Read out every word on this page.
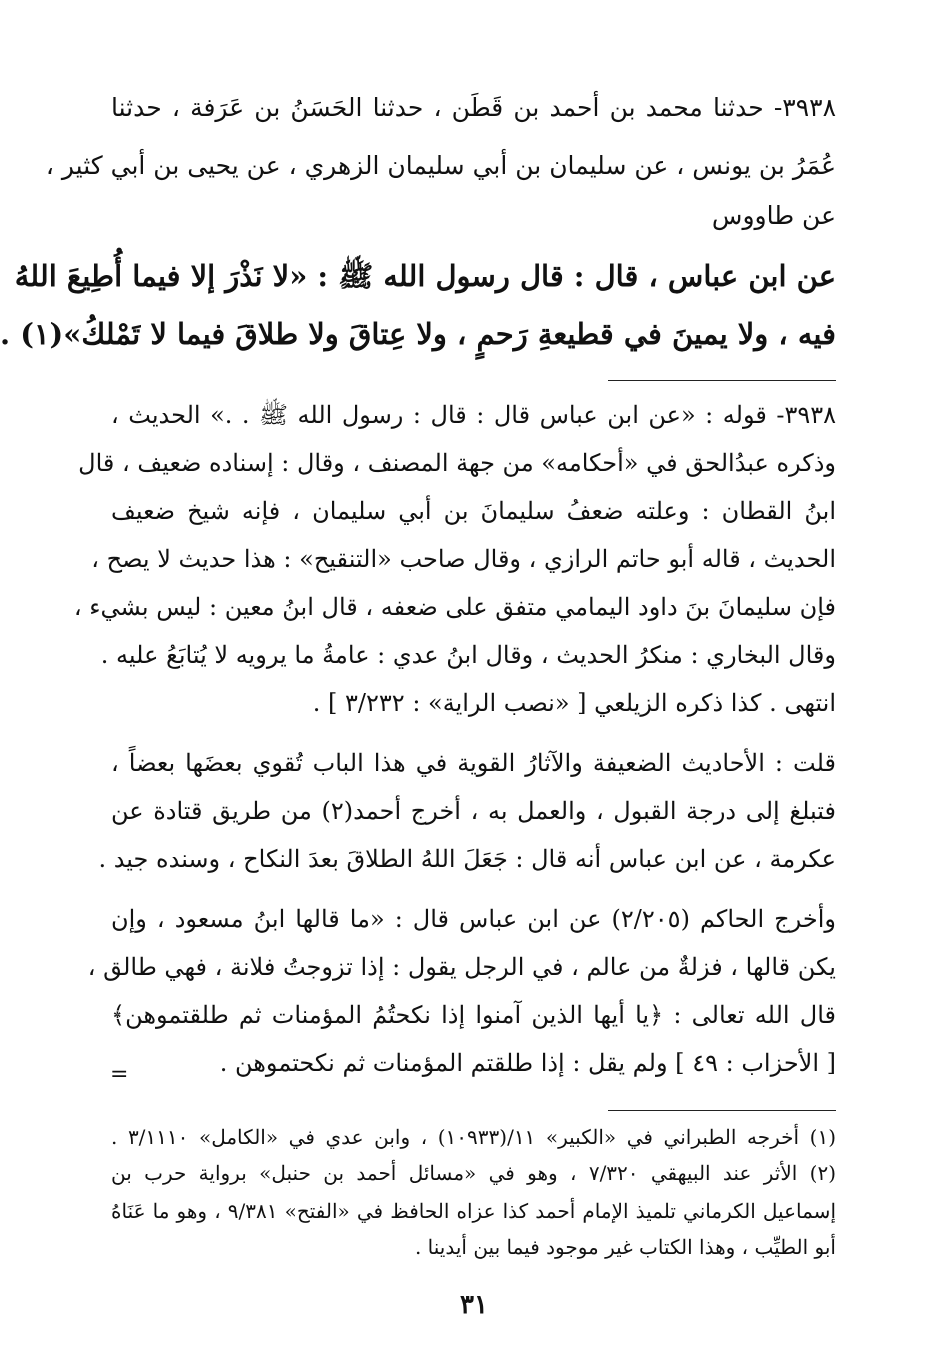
٣٩٣٨- حدثنا محمد بن أحمد بن قَطَن ، حدثنا الحَسَنُ بن عَرَفة ، حدثنا
عُمَرُ بن يونس ، عن سليمان بن أبي سليمان الزهري ، عن يحيى بن أبي كثير ،
عن طاووس
عن ابن عباس ، قال : قال رسول الله ﷺ : «لا نَذْرَ إلا فيما أُطِيعَ اللهُ
فيه ، ولا يمينَ في قطيعةِ رَحمٍ ، ولا عِتاقَ ولا طلاقَ فيما لا تَمْلكُ»(١) .
٣٩٣٨- قوله : «عن ابن عباس قال : قال : رسول الله ﷺ . .» الحديث ،
وذكره عبدُالحق في «أحكامه» من جهة المصنف ، وقال : إسناده ضعيف ، قال
ابنُ القطان : وعلته ضعفُ سليمانَ بن أبي سليمان ، فإنه شيخ ضعيف
الحديث ، قاله أبو حاتم الرازي ، وقال صاحب «التنقيح» : هذا حديث لا يصح ،
فإن سليمانَ بنَ داود اليمامي متفق على ضعفه ، قال ابنُ معين : ليس بشيء ،
وقال البخاري : منكرُ الحديث ، وقال ابنُ عدي : عامةُ ما يرويه لا يُتابَعُ عليه .
انتهى . كذا ذكره الزيلعي [ «نصب الراية» : ٣/٢٣٢ ] .
قلت : الأحاديث الضعيفة والآثارُ القوية في هذا الباب تُقوي بعضَها بعضاً ،
فتبلغ إلى درجة القبول ، والعمل به ، أخرج أحمد(٢) من طريق قتادة عن
عكرمة ، عن ابن عباس أنه قال : جَعَلَ اللهُ الطلاقَ بعدَ النكاح ، وسنده جيد .
وأخرج الحاكم (٢/٢٠٥) عن ابن عباس قال : «ما قالها ابنُ مسعود ، وإن
يكن قالها ، فزلةٌ من عالم ، في الرجل يقول : إذا تزوجتُ فلانة ، فهي طالق ،
قال الله تعالى : ﴿يا أيها الذين آمنوا إذا نكحتُمُ المؤمنات ثم طلقتموهن﴾
[ الأحزاب : ٤٩ ] ولم يقل : إذا طلقتم المؤمنات ثم نكحتموهن .
=
(١) أخرجه الطبراني في «الكبير» ١١/(١٠٩٣٣) ، وابن عدي في «الكامل» ٣/١١١٠ .
(٢) الأثر عند البيهقي ٧/٣٢٠ ، وهو في «مسائل أحمد بن حنبل» برواية حرب بن
إسماعيل الكرماني تلميذ الإمام أحمد كذا عزاه الحافظ في «الفتح» ٩/٣٨١ ، وهو ما عَنَاهُ
أبو الطيِّب ، وهذا الكتاب غير موجود فيما بين أيدينا .
٣١
